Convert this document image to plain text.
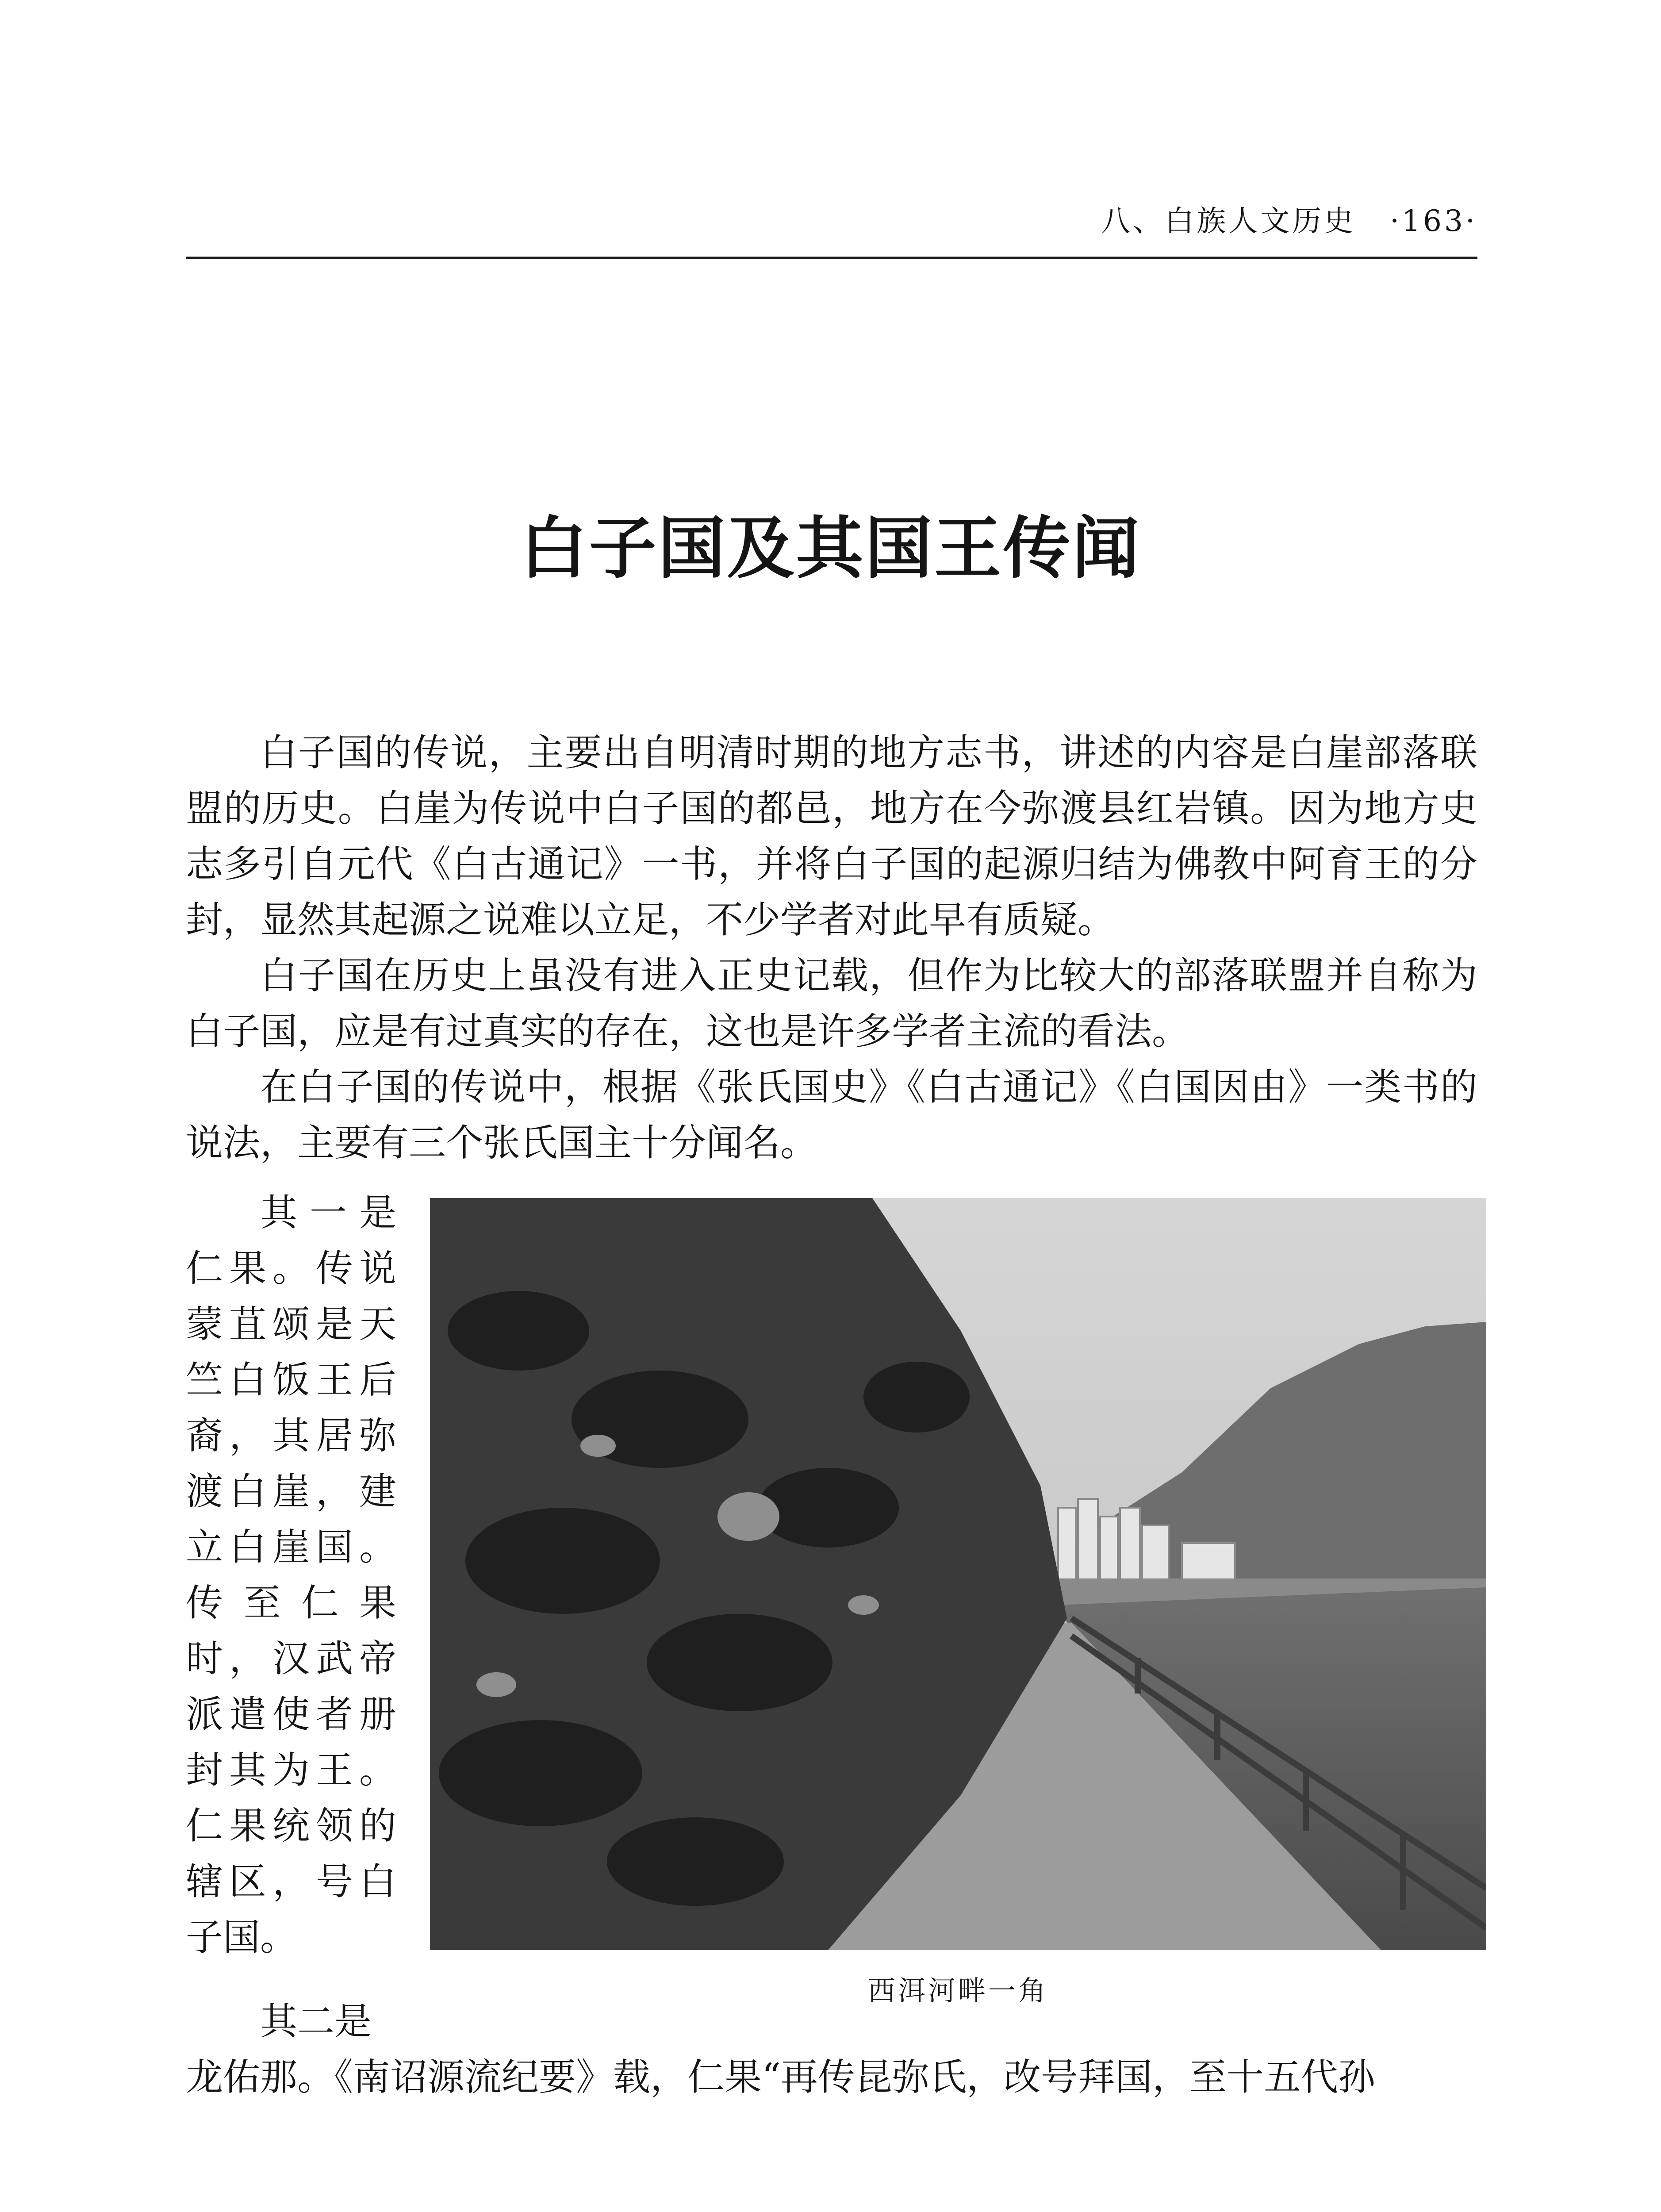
八、白族人文历史 ·163·
白子国及其国王传闻

白子国的传说，主要出自明清时期的地方志书，讲述的内容是白崖部落联盟的历史。白崖为传说中白子国的都邑，地方在今弥渡县红岩镇。因为地方史志多引自元代《白古通记》一书，并将白子国的起源归结为佛教中阿育王的分封，显然其起源之说难以立足，不少学者对此早有质疑。

白子国在历史上虽没有进入正史记载，但作为比较大的部落联盟并自称为白子国，应是有过真实的存在，这也是许多学者主流的看法。

在白子国的传说中，根据《张氏国史》《白古通记》《白国因由》一类书的说法，主要有三个张氏国主十分闻名。

其一是仁果。传说蒙苴颂是天竺白饭王后裔，其居弥渡白崖，建立白崖国。传至仁果时，汉武帝派遣使者册封其为王。仁果统领的辖区，号白子国。

西洱河畔一角

其二是

龙佑那。《南诏源流纪要》载，仁果“再传昆弥氏，改号拜国，至十五代孙
